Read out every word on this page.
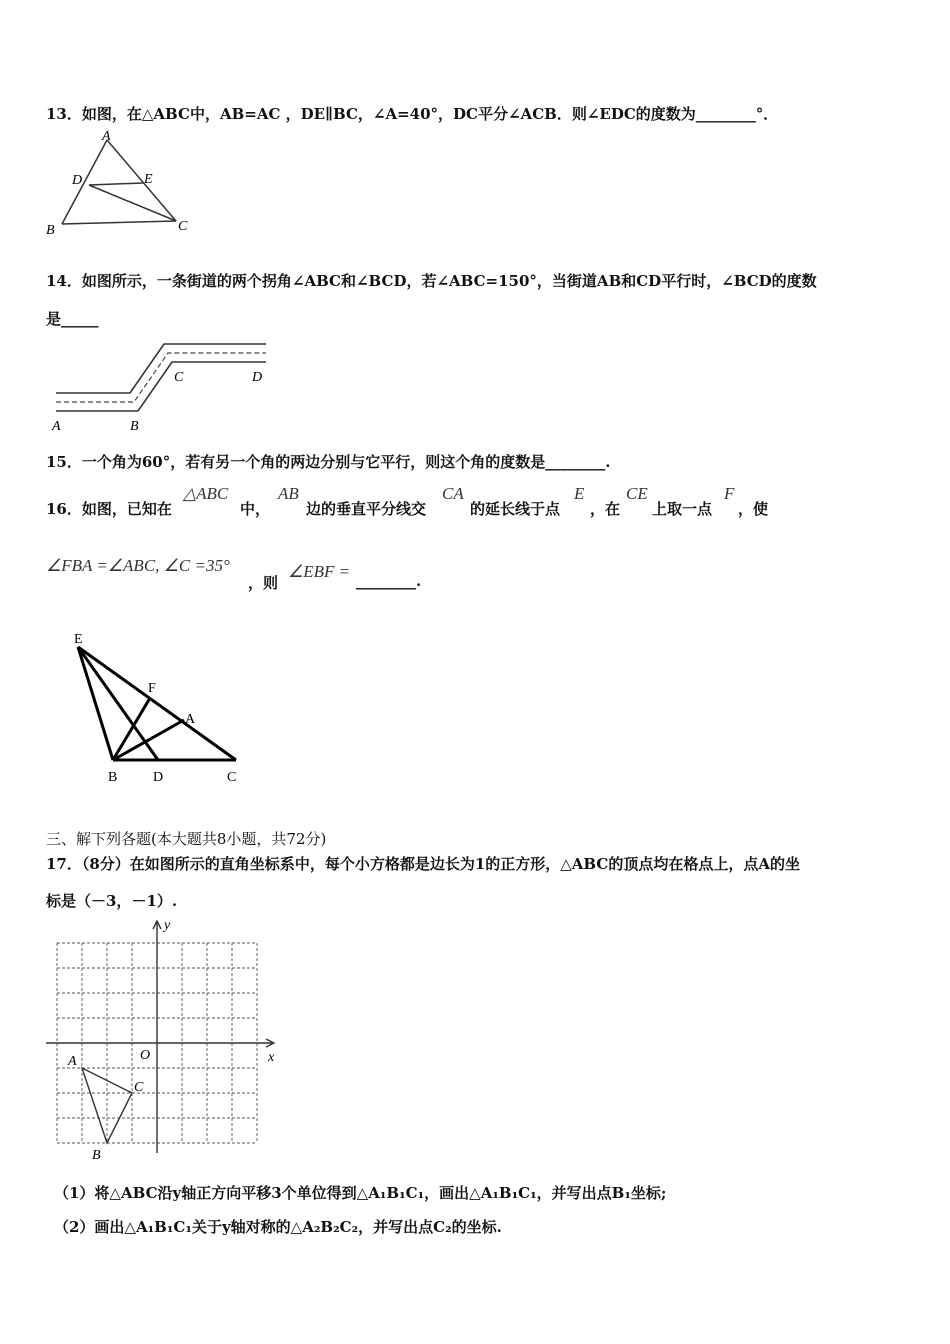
13．如图，在△ABC中，AB=AC ，DE∥BC，∠A=40°，DC平分∠ACB．则∠EDC的度数为________°．
A
D	E
B	C
14．如图所示，一条街道的两个拐角∠ABC和∠BCD，若∠ABC=150°，当街道AB和CD平行时，∠BCD的度数
是_____
A	B
C	D
15．一个角为60°，若有另一个角的两边分别与它平行，则这个角的度数是________.
16．如图，已知在
△ABC
中，
AB
边的垂直平分线交
CA
的延长线于点
E
，在
CE
上取一点
F
，使
∠FBA =∠ABC, ∠C =35°
，则
∠EBF = ________.
E
F
A
B	D	C
三、解下列各题(本大题共8小题，共72分)
17．（8分）在如图所示的直角坐标系中，每个小方格都是边长为1的正方形，△ABC的顶点均在格点上，点A的坐
标是（－3，－1）.
y
x
O
A
B
C
（1）将△ABC沿y轴正方向平移3个单位得到△A₁B₁C₁，画出△A₁B₁C₁，并写出点B₁坐标;
（2）画出△A₁B₁C₁关于y轴对称的△A₂B₂C₂，并写出点C₂的坐标.
